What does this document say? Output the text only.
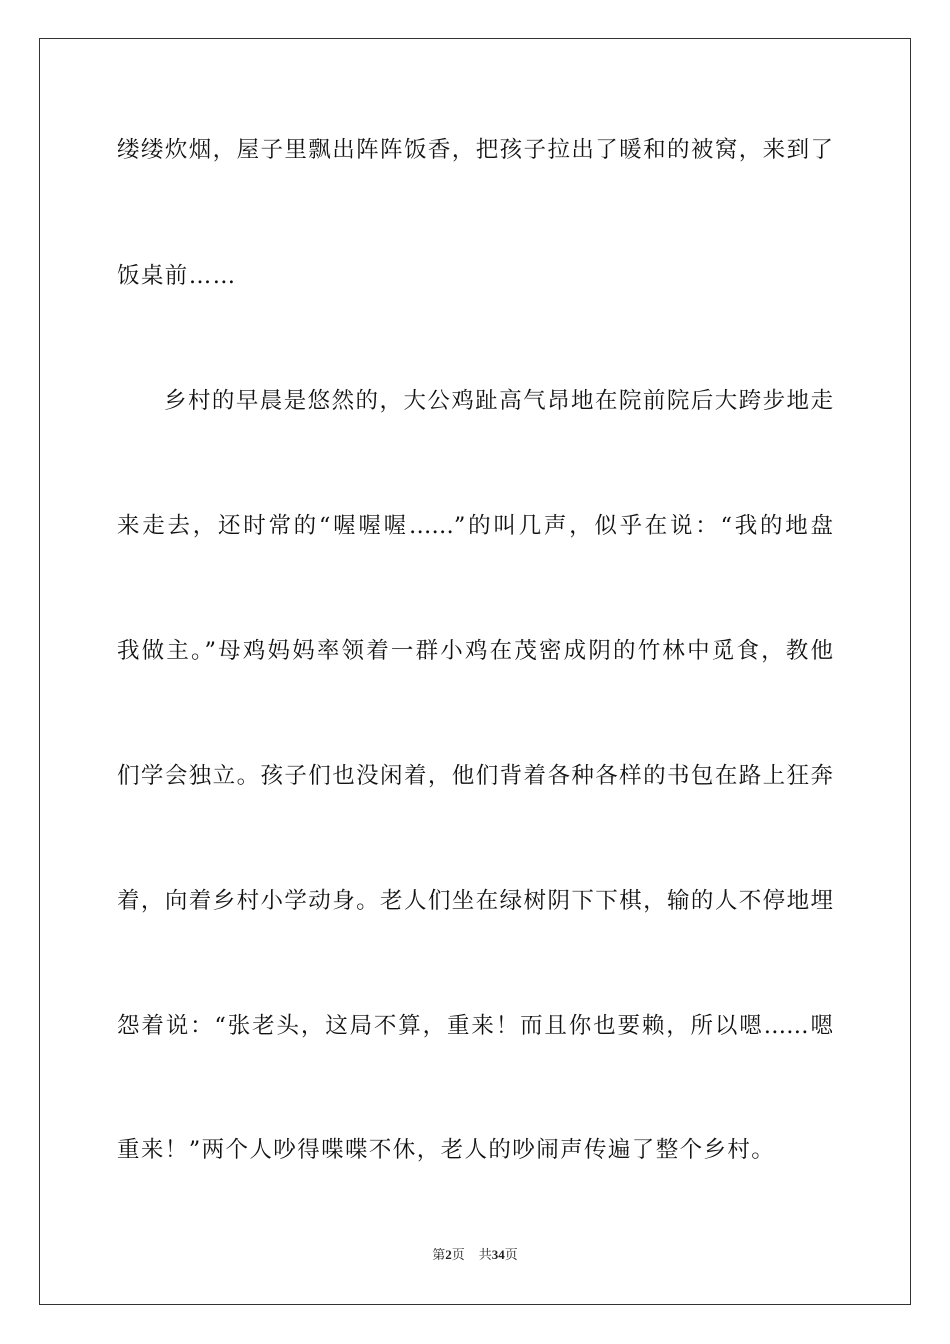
缕缕炊烟，屋子里飘出阵阵饭香，把孩子拉出了暖和的被窝，来到了
饭桌前……
乡村的早晨是悠然的，大公鸡趾高气昂地在院前院后大跨步地走
来走去，还时常的“喔喔喔……”的叫几声，似乎在说：“我的地盘
我做主。”母鸡妈妈率领着一群小鸡在茂密成阴的竹林中觅食，教他
们学会独立。孩子们也没闲着，他们背着各种各样的书包在路上狂奔
着，向着乡村小学动身。老人们坐在绿树阴下下棋，输的人不停地埋
怨着说：“张老头，这局不算，重来！而且你也要赖，所以嗯……嗯
重来！”两个人吵得喋喋不休，老人的吵闹声传遍了整个乡村。
第2页 共34页
